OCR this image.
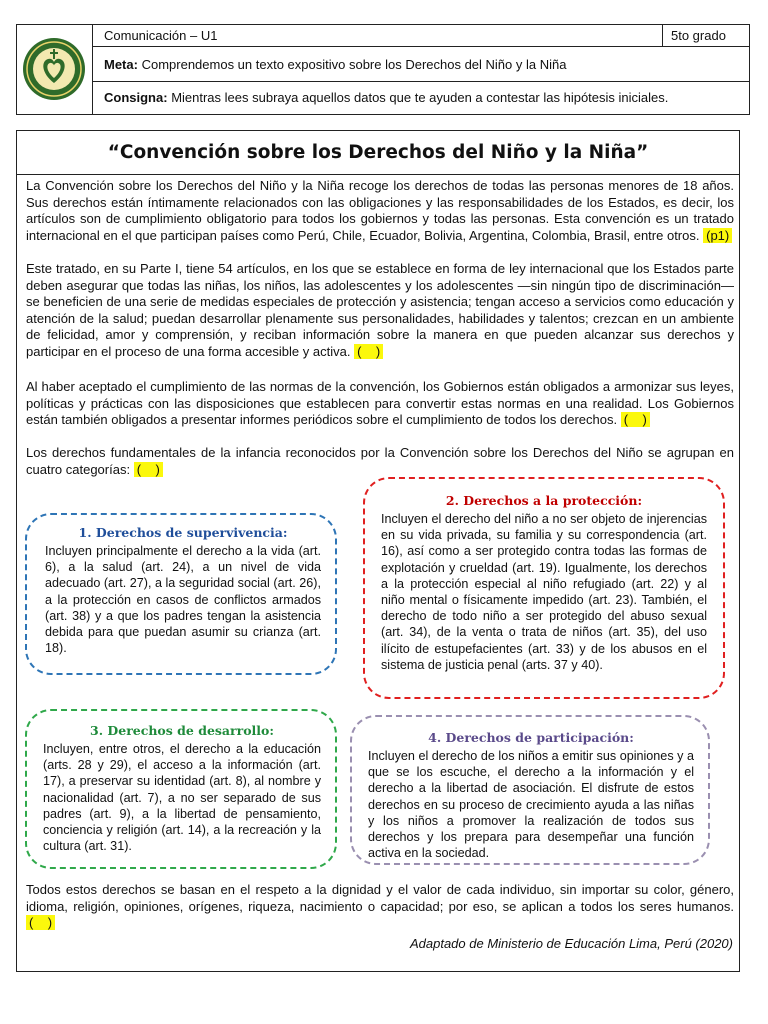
Comunicación – U1	5to grado
Meta: Comprendemos un texto expositivo sobre los Derechos del Niño y la Niña
Consigna: Mientras lees subraya aquellos datos que te ayuden a contestar las hipótesis iniciales.
“Convención sobre los Derechos del Niño y la Niña”
La Convención sobre los Derechos del Niño y la Niña recoge los derechos de todas las personas menores de 18 años. Sus derechos están íntimamente relacionados con las obligaciones y las responsabilidades de los Estados, es decir, los artículos son de cumplimiento obligatorio para todos los gobiernos y todas las personas. Esta convención es un tratado internacional en el que participan países como Perú, Chile, Ecuador, Bolivia, Argentina, Colombia, Brasil, entre otros. (p1)
Este tratado, en su Parte I, tiene 54 artículos, en los que se establece en forma de ley internacional que los Estados parte deben asegurar que todas las niñas, los niños, las adolescentes y los adolescentes —sin ningún tipo de discriminación—se beneficien de una serie de medidas especiales de protección y asistencia; tengan acceso a servicios como educación y atención de la salud; puedan desarrollar plenamente sus personalidades, habilidades y talentos; crezcan en un ambiente de felicidad, amor y comprensión, y reciban información sobre la manera en que pueden alcanzar sus derechos y participar en el proceso de una forma accesible y activa. (    )
Al haber aceptado el cumplimiento de las normas de la convención, los Gobiernos están obligados a armonizar sus leyes, políticas y prácticas con las disposiciones que establecen para convertir estas normas en una realidad. Los Gobiernos están también obligados a presentar informes periódicos sobre el cumplimiento de todos los derechos. (    )
Los derechos fundamentales de la infancia reconocidos por la Convención sobre los Derechos del Niño se agrupan en cuatro categorías: (    )
1. Derechos de supervivencia:
Incluyen principalmente el derecho a la vida (art. 6), a la salud (art. 24), a un nivel de vida adecuado (art. 27), a la seguridad social (art. 26), a la protección en casos de conflictos armados (art. 38) y a que los padres tengan la asistencia debida para que puedan asumir su crianza (art. 18).
2. Derechos a la protección:
Incluyen el derecho del niño a no ser objeto de injerencias en su vida privada, su familia y su correspondencia (art. 16), así como a ser protegido contra todas las formas de explotación y crueldad (art. 19). Igualmente, los derechos a la protección especial al niño refugiado (art. 22) y al niño mental o físicamente impedido (art. 23). También, el derecho de todo niño a ser protegido del abuso sexual (art. 34), de la venta o trata de niños (art. 35), del uso ilícito de estupefacientes (art. 33) y de los abusos en el sistema de justicia penal (arts. 37 y 40).
3. Derechos de desarrollo:
Incluyen, entre otros, el derecho a la educación (arts. 28 y 29), el acceso a la información (art. 17), a preservar su identidad (art. 8), al nombre y nacionalidad (art. 7), a no ser separado de sus padres (art. 9), a la libertad de pensamiento, conciencia y religión (art. 14), a la recreación y la cultura (art. 31).
4. Derechos de participación:
Incluyen el derecho de los niños a emitir sus opiniones y a que se los escuche, el derecho a la información y el derecho a la libertad de asociación. El disfrute de estos derechos en su proceso de crecimiento ayuda a las niñas y los niños a promover la realización de todos sus derechos y los prepara para desempeñar una función activa en la sociedad.
Todos estos derechos se basan en el respeto a la dignidad y el valor de cada individuo, sin importar su color, género, idioma, religión, opiniones, orígenes, riqueza, nacimiento o capacidad; por eso, se aplican a todos los seres humanos. (    )
Adaptado de Ministerio de Educación Lima, Perú (2020)
